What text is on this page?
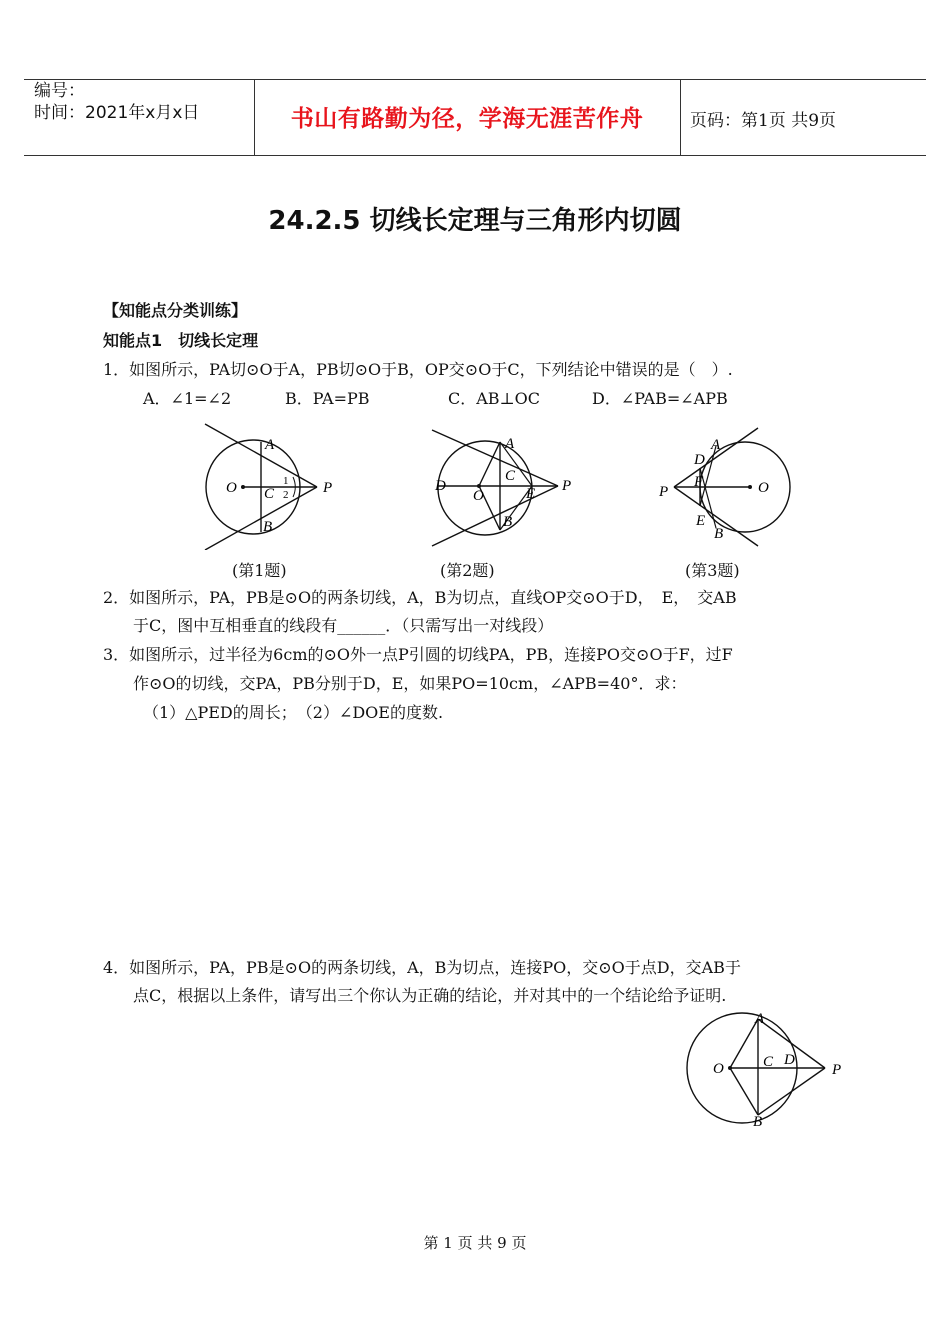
编号：
时间：2021年x月x日	书山有路勤为径，学海无涯苦作舟	页码：第1页 共9页
24.2.5 切线长定理与三角形内切圆
【知能点分类训练】
知能点1　切线长定理
1．如图所示，PA切⊙O于A，PB切⊙O于B，OP交⊙O于C，下列结论中错误的是（　）.
A．∠1=∠2	B．PA=PB	C．AB⊥OC	D．∠PAB=∠APB
A
B
C
O	P
1
2
(第1题)
A
B
C
D	E
O
P
(第2题)
A
B
D
E
F	O
P
(第3题)
2．如图所示，PA，PB是⊙O的两条切线，A，B为切点，直线OP交⊙O于D，　E，　交AB
于C，图中互相垂直的线段有______．（只需写出一对线段）
3．如图所示，过半径为6cm的⊙O外一点P引圆的切线PA，PB，连接PO交⊙O于F，过F
作⊙O的切线，交PA，PB分别于D，E，如果PO=10cm，∠APB=40°．求：
（1）△PED的周长；　（2）∠DOE的度数.
4．如图所示，PA，PB是⊙O的两条切线，A，B为切点，连接PO，交⊙O于点D，交AB于
点C，根据以上条件，请写出三个你认为正确的结论，并对其中的一个结论给予证明.
A
B
C D
O	P
第 1 页 共 9 页
